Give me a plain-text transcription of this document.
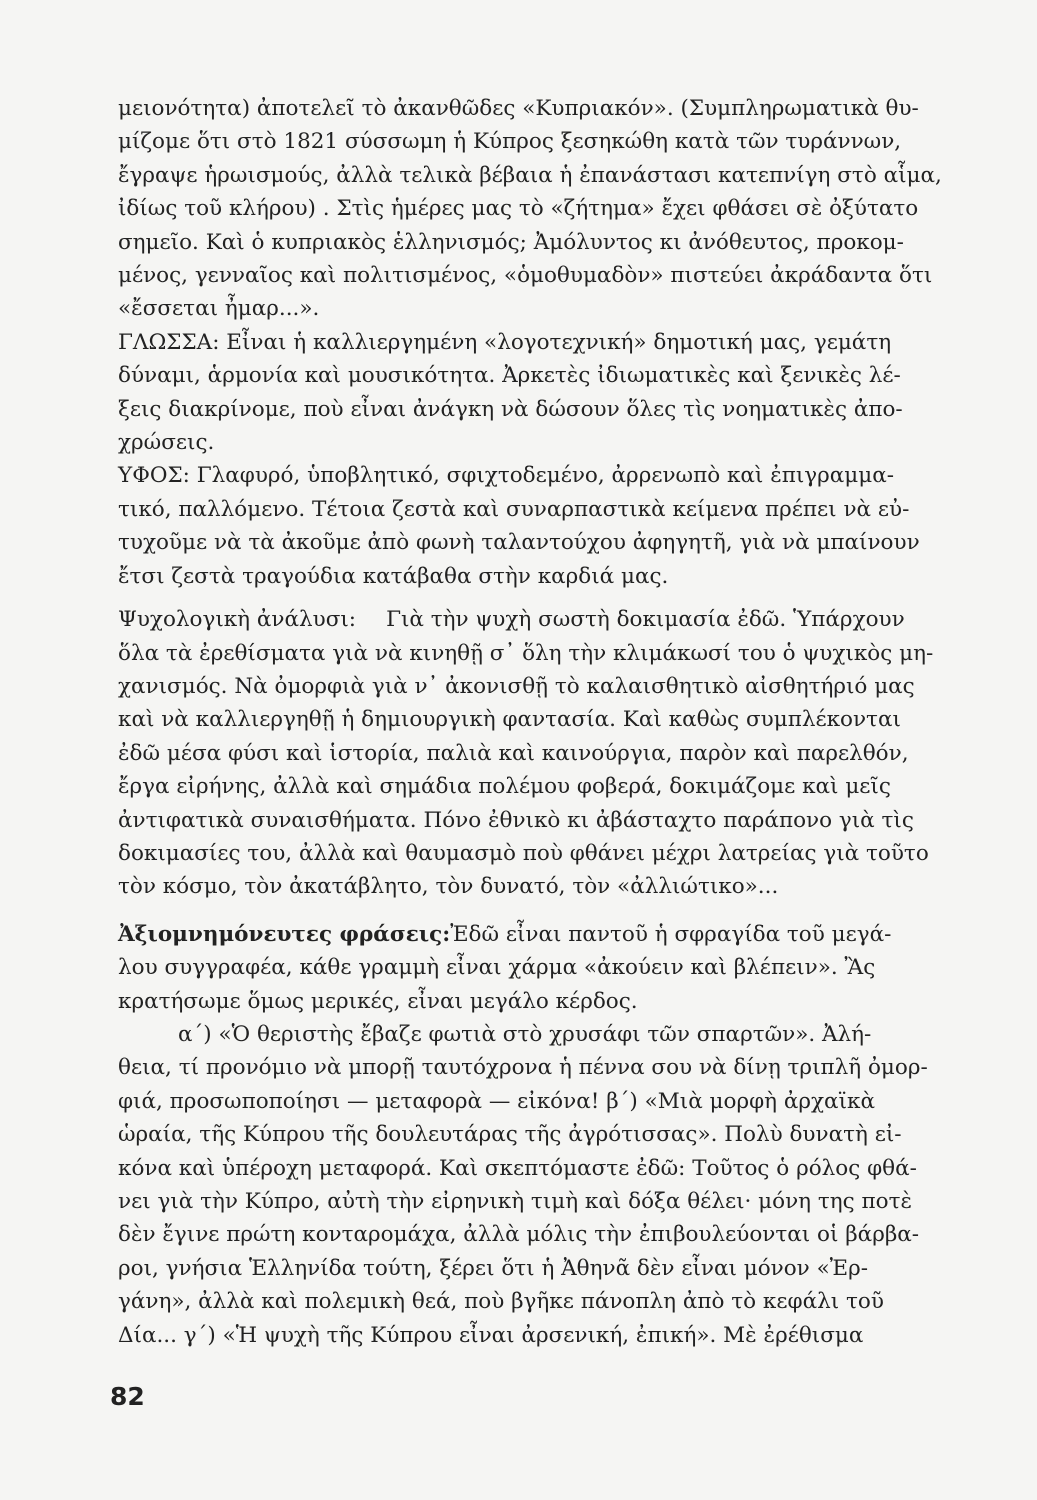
μειονότητα) ἀποτελεῖ τὸ ἀκανθῶδες «Κυπριακόν». (Συμπληρωματικὰ θυ-
μίζομε ὅτι στὸ 1821 σύσσωμη ἡ Κύπρος ξεσηκώθη κατὰ τῶν τυράννων,
ἔγραψε ἡρωισμούς, ἀλλὰ τελικὰ βέβαια ἡ ἐπανάστασι κατεπνίγη στὸ αἷμα,
ἰδίως τοῦ κλήρου) . Στὶς ἡμέρες μας τὸ «ζήτημα» ἔχει φθάσει σὲ ὀξύτατο
σημεῖο. Καὶ ὁ κυπριακὸς ἑλληνισμός; Ἀμόλυντος κι ἀνόθευτος, προκομ-
μένος, γενναῖος καὶ πολιτισμένος, «ὁμοθυμαδὸν» πιστεύει ἀκράδαντα ὅτι
«ἔσσεται ἦμαρ...».
ΓΛΩΣΣΑ: Εἶναι ἡ καλλιεργημένη «λογοτεχνική» δημοτική μας, γεμάτη
δύναμι, ἁρμονία καὶ μουσικότητα. Ἀρκετὲς ἰδιωματικὲς καὶ ξενικὲς λέ-
ξεις διακρίνομε, ποὺ εἶναι ἀνάγκη νὰ δώσουν ὅλες τὶς νοηματικὲς ἀπο-
χρώσεις.
ΥΦΟΣ: Γλαφυρό, ὑποβλητικό, σφιχτοδεμένο, ἀρρενωπὸ καὶ ἐπιγραμμα-
τικό, παλλόμενο. Τέτοια ζεστὰ καὶ συναρπαστικὰ κείμενα πρέπει νὰ εὐ-
τυχοῦμε νὰ τὰ ἀκοῦμε ἀπὸ φωνὴ ταλαντούχου ἀφηγητῆ, γιὰ νὰ μπαίνουν
ἔτσι ζεστὰ τραγούδια κατάβαθα στὴν καρδιά μας.
Ψυχολογικὴ ἀνάλυσι: Γιὰ τὴν ψυχὴ σωστὴ δοκιμασία ἐδῶ. Ὑπάρχουν
ὅλα τὰ ἐρεθίσματα γιὰ νὰ κινηθῇ σ᾽ ὅλη τὴν κλιμάκωσί του ὁ ψυχικὸς μη-
χανισμός. Νὰ ὀμορφιὰ γιὰ ν᾽ ἀκονισθῇ τὸ καλαισθητικὸ αἰσθητήριό μας
καὶ νὰ καλλιεργηθῇ ἡ δημιουργικὴ φαντασία. Καὶ καθὼς συμπλέκονται
ἐδῶ μέσα φύσι καὶ ἱστορία, παλιὰ καὶ καινούργια, παρὸν καὶ παρελθόν,
ἔργα εἰρήνης, ἀλλὰ καὶ σημάδια πολέμου φοβερά, δοκιμάζομε καὶ μεῖς
ἀντιφατικὰ συναισθήματα. Πόνο ἐθνικὸ κι ἀβάσταχτο παράπονο γιὰ τὶς
δοκιμασίες του, ἀλλὰ καὶ θαυμασμὸ ποὺ φθάνει μέχρι λατρείας γιὰ τοῦτο
τὸν κόσμο, τὸν ἀκατάβλητο, τὸν δυνατό, τὸν «ἀλλιώτικο»...
Ἀξιομνημόνευτες φράσεις:Ἐδῶ εἶναι παντοῦ ἡ σφραγίδα τοῦ μεγά-
λου συγγραφέα, κάθε γραμμὴ εἶναι χάρμα «ἀκούειν καὶ βλέπειν». Ἂς
κρατήσωμε ὅμως μερικές, εἶναι μεγάλο κέρδος.
α΄) «Ὁ θεριστὴς ἔβαζε φωτιὰ στὸ χρυσάφι τῶν σπαρτῶν». Ἀλή-
θεια, τί προνόμιο νὰ μπορῇ ταυτόχρονα ἡ πέννα σου νὰ δίνῃ τριπλῆ ὀμορ-
φιά, προσωποποίησι — μεταφορὰ — εἰκόνα! β΄) «Μιὰ μορφὴ ἀρχαϊκὰ
ὡραία, τῆς Κύπρου τῆς δουλευτάρας τῆς ἀγρότισσας». Πολὺ δυνατὴ εἰ-
κόνα καὶ ὑπέροχη μεταφορά. Καὶ σκεπτόμαστε ἐδῶ: Τοῦτος ὁ ρόλος φθά-
νει γιὰ τὴν Κύπρο, αὐτὴ τὴν εἰρηνικὴ τιμὴ καὶ δόξα θέλει· μόνη της ποτὲ
δὲν ἔγινε πρώτη κονταρομάχα, ἀλλὰ μόλις τὴν ἐπιβουλεύονται οἱ βάρβα-
ροι, γνήσια Ἑλληνίδα τούτη, ξέρει ὅτι ἡ Ἀθηνᾶ δὲν εἶναι μόνον «Ἐρ-
γάνη», ἀλλὰ καὶ πολεμικὴ θεά, ποὺ βγῆκε πάνοπλη ἀπὸ τὸ κεφάλι τοῦ
Δία... γ΄) «Ἡ ψυχὴ τῆς Κύπρου εἶναι ἀρσενική, ἐπική». Μὲ ἐρέθισμα
82
